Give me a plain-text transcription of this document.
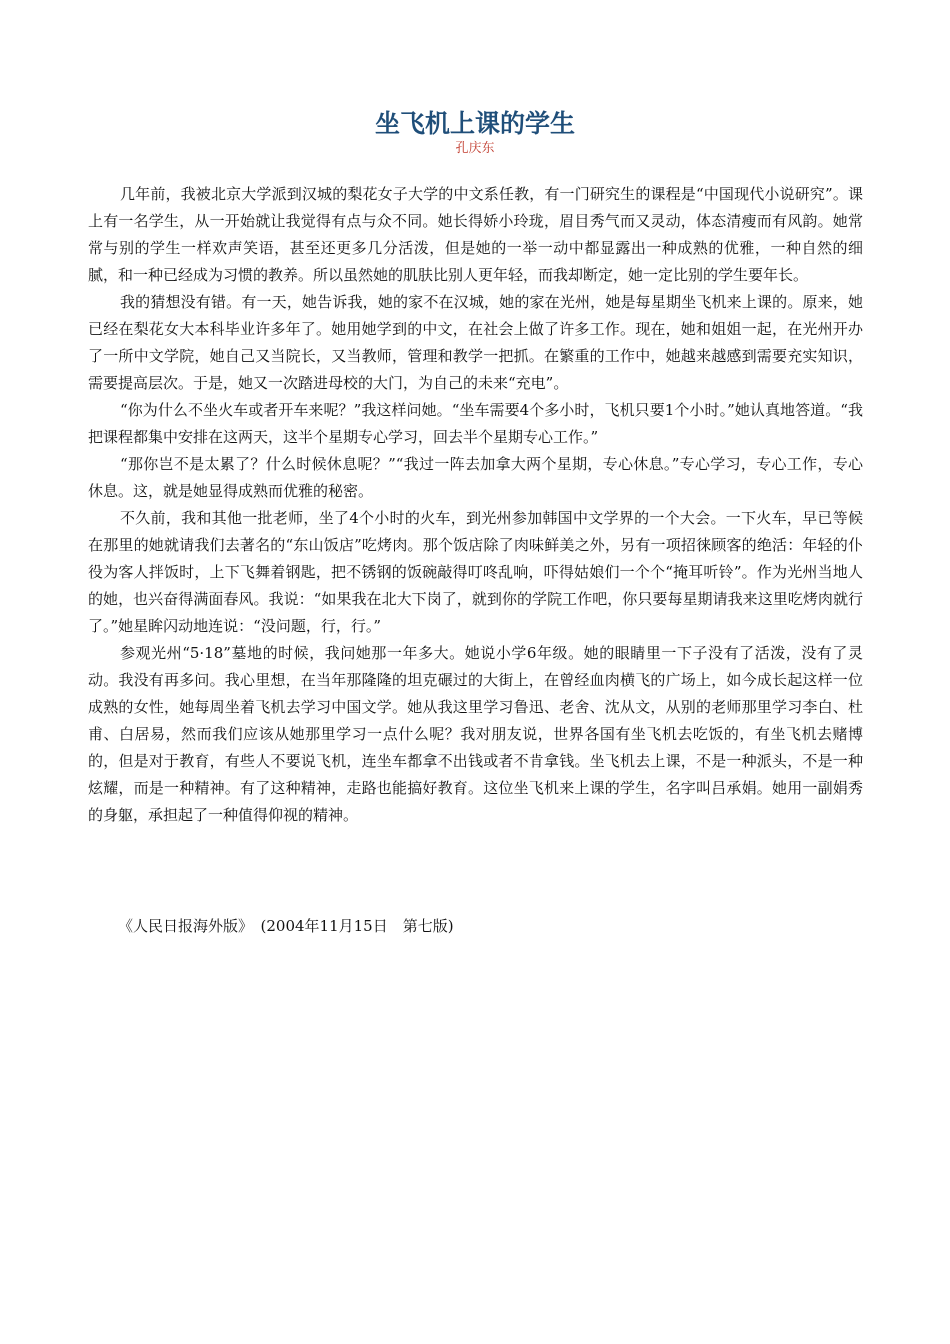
坐飞机上课的学生
孔庆东

几年前，我被北京大学派到汉城的梨花女子大学的中文系任教，有一门研究生的课程是“中国现代小说研究”。课上有一名学生，从一开始就让我觉得有点与众不同。她长得娇小玲珑，眉目秀气而又灵动，体态清瘦而有风韵。她常常与别的学生一样欢声笑语，甚至还更多几分活泼，但是她的一举一动中都显露出一种成熟的优雅，一种自然的细腻，和一种已经成为习惯的教养。所以虽然她的肌肤比别人更年轻，而我却断定，她一定比别的学生要年长。

我的猜想没有错。有一天，她告诉我，她的家不在汉城，她的家在光州，她是每星期坐飞机来上课的。原来，她已经在梨花女大本科毕业许多年了。她用她学到的中文，在社会上做了许多工作。现在，她和姐姐一起，在光州开办了一所中文学院，她自己又当院长，又当教师，管理和教学一把抓。在繁重的工作中，她越来越感到需要充实知识，需要提高层次。于是，她又一次踏进母校的大门，为自己的未来“充电”。

“你为什么不坐火车或者开车来呢？”我这样问她。“坐车需要4个多小时，飞机只要1个小时。”她认真地答道。“我把课程都集中安排在这两天，这半个星期专心学习，回去半个星期专心工作。”

“那你岂不是太累了？什么时候休息呢？”“我过一阵去加拿大两个星期，专心休息。”专心学习，专心工作，专心休息。这，就是她显得成熟而优雅的秘密。

不久前，我和其他一批老师，坐了4个小时的火车，到光州参加韩国中文学界的一个大会。一下火车，早已等候在那里的她就请我们去著名的“东山饭店”吃烤肉。那个饭店除了肉味鲜美之外，另有一项招徕顾客的绝活：年轻的仆役为客人拌饭时，上下飞舞着钢匙，把不锈钢的饭碗敲得叮咚乱响，吓得姑娘们一个个“掩耳听铃”。作为光州当地人的她，也兴奋得满面春风。我说：“如果我在北大下岗了，就到你的学院工作吧，你只要每星期请我来这里吃烤肉就行了。”她星眸闪动地连说：“没问题，行，行。”

参观光州“5·18”墓地的时候，我问她那一年多大。她说小学6年级。她的眼睛里一下子没有了活泼，没有了灵动。我没有再多问。我心里想，在当年那隆隆的坦克碾过的大街上，在曾经血肉横飞的广场上，如今成长起这样一位成熟的女性，她每周坐着飞机去学习中国文学。她从我这里学习鲁迅、老舍、沈从文，从别的老师那里学习李白、杜甫、白居易，然而我们应该从她那里学习一点什么呢？我对朋友说，世界各国有坐飞机去吃饭的，有坐飞机去赌博的，但是对于教育，有些人不要说飞机，连坐车都拿不出钱或者不肯拿钱。坐飞机去上课，不是一种派头，不是一种炫耀，而是一种精神。有了这种精神，走路也能搞好教育。这位坐飞机来上课的学生，名字叫吕承娟。她用一副娟秀的身躯，承担起了一种值得仰视的精神。

《人民日报海外版》　(2004年11月15日　第七版)
